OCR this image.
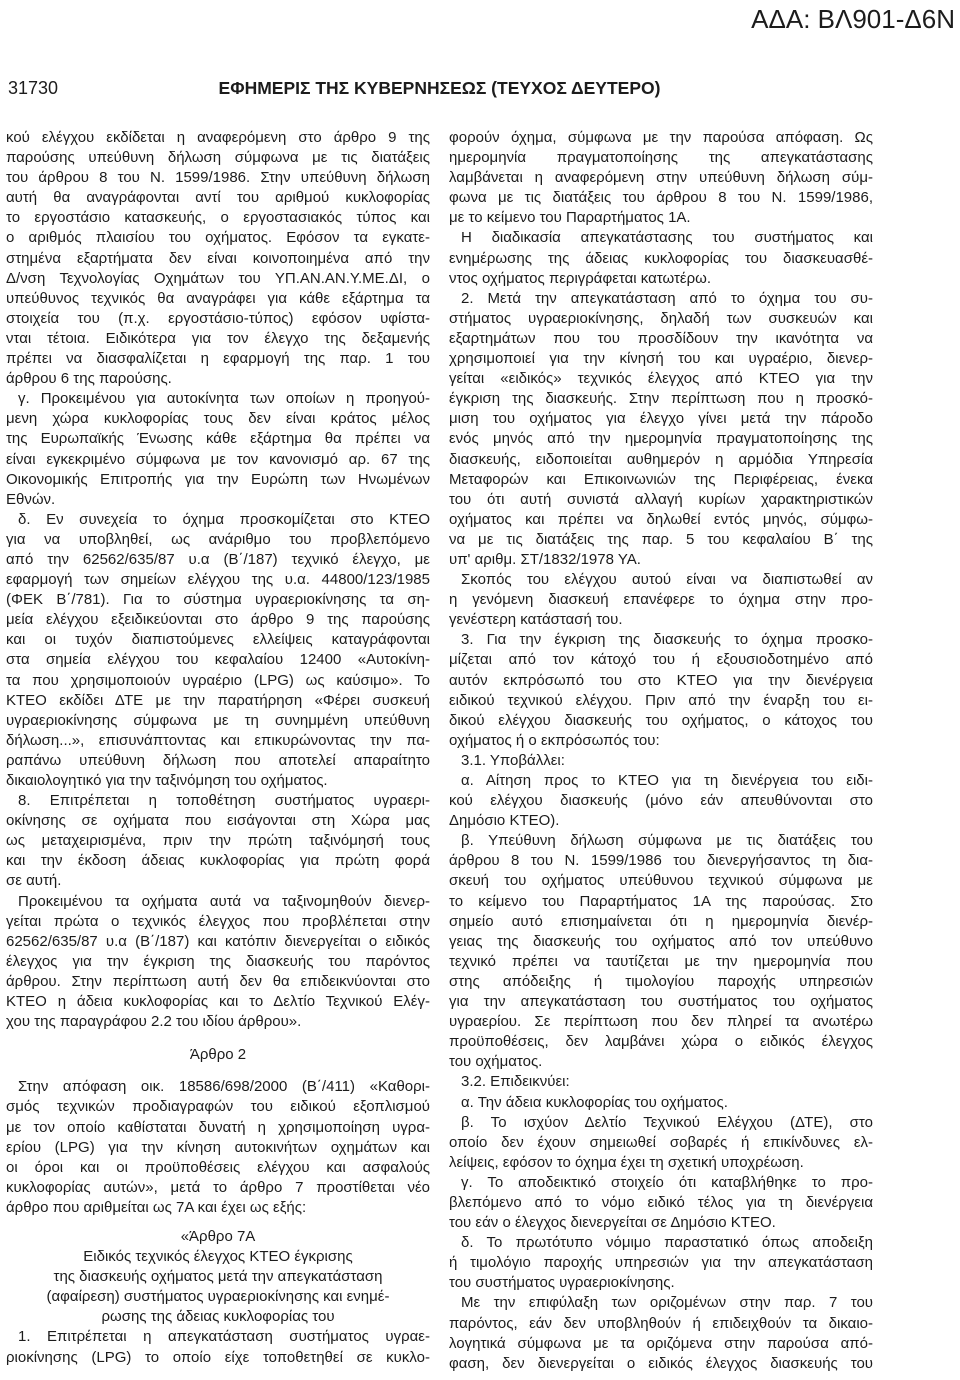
ΑΔΑ: ΒΛ901-Δ6Ν
31730	ΕΦΗΜΕΡΙΣ ΤΗΣ ΚΥΒΕΡΝΗΣΕΩΣ (ΤΕΥΧΟΣ ΔΕΥΤΕΡΟ)
κού ελέγχου εκδίδεται η αναφερόμενη στο άρθρο 9 της
παρούσης υπεύθυνη δήλωση σύμφωνα με τις διατάξεις
του άρθρου 8 του Ν. 1599/1986. Στην υπεύθυνη δήλωση
αυτή θα αναγράφονται αντί του αριθμού κυκλοφορίας
το εργοστάσιο κατασκευής, ο εργοστασιακός τύπος και
ο αριθμός πλαισίου του οχήματος. Εφόσον τα εγκατε-
στημένα εξαρτήματα δεν είναι κοινοποιημένα από την
Δ/νση Τεχνολογίας Οχημάτων του ΥΠ.ΑΝ.ΑΝ.Υ.ΜΕ.ΔΙ, ο
υπεύθυνος τεχνικός θα αναγράφει για κάθε εξάρτημα τα
στοιχεία του (π.χ. εργοστάσιο-τύπος) εφόσον υφίστα-
νται τέτοια. Ειδικότερα για τον έλεγχο της δεξαμενής
πρέπει να διασφαλίζεται η εφαρμογή της παρ. 1 του
άρθρου 6 της παρούσης.
γ. Προκειμένου για αυτοκίνητα των οποίων η προηγού-
μενη χώρα κυκλοφορίας τους δεν είναι κράτος μέλος
της Ευρωπαϊκής Ένωσης κάθε εξάρτημα θα πρέπει να
είναι εγκεκριμένο σύμφωνα με τον κανονισμό αρ. 67 της
Οικονομικής Επιτροπής για την Ευρώπη των Ηνωμένων
Εθνών.
δ. Εν συνεχεία το όχημα προσκομίζεται στο ΚΤΕΟ
για να υποβληθεί, ως ανάριθμο του προβλεπόμενο
από την 62562/635/87 υ.α (Β΄/187) τεχνικό έλεγχο, με
εφαρμογή των σημείων ελέγχου της υ.α. 44800/123/1985
(ΦΕΚ Β΄/781). Για το σύστημα υγραεριοκίνησης τα ση-
μεία ελέγχου εξειδικεύονται στο άρθρο 9 της παρούσης
και οι τυχόν διαπιστούμενες ελλείψεις καταγράφονται
στα σημεία ελέγχου του κεφαλαίου 12400 «Αυτοκίνη-
τα που χρησιμοποιούν υγραέριο (LPG) ως καύσιμο». Το
ΚΤΕΟ εκδίδει ΔΤΕ με την παρατήρηση «Φέρει συσκευή
υγραεριοκίνησης σύμφωνα με τη συνημμένη υπεύθυνη
δήλωση...», επισυνάπτοντας και επικυρώνοντας την πα-
ραπάνω υπεύθυνη δήλωση που αποτελεί απαραίτητο
δικαιολογητικό για την ταξινόμηση του οχήματος.
8. Επιτρέπεται η τοποθέτηση συστήματος υγραερι-
οκίνησης σε οχήματα που εισάγονται στη Χώρα μας
ως μεταχειρισμένα, πριν την πρώτη ταξινόμησή τους
και την έκδοση άδειας κυκλοφορίας για πρώτη φορά
σε αυτή.
Προκειμένου τα οχήματα αυτά να ταξινομηθούν διενερ-
γείται πρώτα ο τεχνικός έλεγχος που προβλέπεται στην
62562/635/87 υ.α (Β΄/187) και κατόπιν διενεργείται ο ειδικός
έλεγχος για την έγκριση της διασκευής του παρόντος
άρθρου. Στην περίπτωση αυτή δεν θα επιδεικνύονται στο
ΚΤΕΟ η άδεια κυκλοφορίας και το Δελτίο Τεχνικού Ελέγ-
χου της παραγράφου 2.2 του ιδίου άρθρου».
Άρθρο 2
Στην απόφαση οικ. 18586/698/2000 (Β΄/411) «Καθορι-
σμός τεχνικών προδιαγραφών του ειδικού εξοπλισμού
με τον οποίο καθίσταται δυνατή η χρησιμοποίηση υγρα-
ερίου (LPG) για την κίνηση αυτοκινήτων οχημάτων και
οι όροι και οι προϋποθέσεις ελέγχου και ασφαλούς
κυκλοφορίας αυτών», μετά το άρθρο 7 προστίθεται νέο
άρθρο που αριθμείται ως 7Α και έχει ως εξής:
«Άρθρο 7Α
Ειδικός τεχνικός έλεγχος ΚΤΕΟ έγκρισης
της διασκευής οχήματος μετά την απεγκατάσταση
(αφαίρεση) συστήματος υγραεριοκίνησης και ενημέ-
ρωσης της άδειας κυκλοφορίας του
1. Επιτρέπεται η απεγκατάσταση συστήματος υγραε-
ριοκίνησης (LPG) το οποίο είχε τοποθετηθεί σε κυκλο-
φορούν όχημα, σύμφωνα με την παρούσα απόφαση. Ως
ημερομηνία πραγματοποίησης της απεγκατάστασης
λαμβάνεται η αναφερόμενη στην υπεύθυνη δήλωση σύμ-
φωνα με τις διατάξεις του άρθρου 8 του Ν. 1599/1986,
με το κείμενο του Παραρτήματος 1Α.
Η διαδικασία απεγκατάστασης του συστήματος και
ενημέρωσης της άδειας κυκλοφορίας του διασκευασθέ-
ντος οχήματος περιγράφεται κατωτέρω.
2. Μετά την απεγκατάσταση από το όχημα του συ-
στήματος υγραεριοκίνησης, δηλαδή των συσκευών και
εξαρτημάτων που του προσδίδουν την ικανότητα να
χρησιμοποιεί για την κίνησή του και υγραέριο, διενερ-
γείται «ειδικός» τεχνικός έλεγχος από ΚΤΕΟ για την
έγκριση της διασκευής. Στην περίπτωση που η προσκό-
μιση του οχήματος για έλεγχο γίνει μετά την πάροδο
ενός μηνός από την ημερομηνία πραγματοποίησης της
διασκευής, ειδοποιείται αυθημερόν η αρμόδια Υπηρεσία
Μεταφορών και Επικοινωνιών της Περιφέρειας, ένεκα
του ότι αυτή συνιστά αλλαγή κυρίων χαρακτηριστικών
οχήματος και πρέπει να δηλωθεί εντός μηνός, σύμφω-
να με τις διατάξεις της παρ. 5 του κεφαλαίου Β΄ της
υπ' αριθμ. ΣΤ/1832/1978 ΥΑ.
Σκοπός του ελέγχου αυτού είναι να διαπιστωθεί αν
η γενόμενη διασκευή επανέφερε το όχημα στην προ-
γενέστερη κατάστασή του.
3. Για την έγκριση της διασκευής το όχημα προσκο-
μίζεται από τον κάτοχό του ή εξουσιοδοτημένο από
αυτόν εκπρόσωπό του στο ΚΤΕΟ για την διενέργεια
ειδικού τεχνικού ελέγχου. Πριν από την έναρξη του ει-
δικού ελέγχου διασκευής του οχήματος, ο κάτοχος του
οχήματος ή ο εκπρόσωπός του:
3.1. Υποβάλλει:
α. Αίτηση προς το ΚΤΕΟ για τη διενέργεια του ειδι-
κού ελέγχου διασκευής (μόνο εάν απευθύνονται στο
Δημόσιο ΚΤΕΟ).
β. Υπεύθυνη δήλωση σύμφωνα με τις διατάξεις του
άρθρου 8 του Ν. 1599/1986 του διενεργήσαντος τη δια-
σκευή του οχήματος υπεύθυνου τεχνικού σύμφωνα με
το κείμενο του Παραρτήματος 1Α της παρούσας. Στο
σημείο αυτό επισημαίνεται ότι η ημερομηνία διενέρ-
γειας της διασκευής του οχήματος από τον υπεύθυνο
τεχνικό πρέπει να ταυτίζεται με την ημερομηνία που
στης απόδειξης ή τιμολογίου παροχής υπηρεσιών
για την απεγκατάσταση του συστήματος του οχήματος
υγραερίου. Σε περίπτωση που δεν πληρεί τα ανωτέρω
προϋποθέσεις, δεν λαμβάνει χώρα ο ειδικός έλεγχος
του οχήματος.
3.2. Επιδεικνύει:
α. Την άδεια κυκλοφορίας του οχήματος.
β. Το ισχύον Δελτίο Τεχνικού Ελέγχου (ΔΤΕ), στο
οποίο δεν έχουν σημειωθεί σοβαρές ή επικίνδυνες ελ-
λείψεις, εφόσον το όχημα έχει τη σχετική υποχρέωση.
γ. Το αποδεικτικό στοιχείο ότι καταβλήθηκε το προ-
βλεπόμενο από το νόμο ειδικό τέλος για τη διενέργεια
του εάν ο έλεγχος διενεργείται σε Δημόσιο ΚΤΕΟ.
δ. Το πρωτότυπο νόμιμο παραστατικό όπως αποδειξη
ή τιμολόγιο παροχής υπηρεσιών για την απεγκατάσταση
του συστήματος υγραεριοκίνησης.
Με την επιφύλαξη των οριζομένων στην παρ. 7 του
παρόντος, εάν δεν υποβληθούν ή επιδειχθούν τα δικαιο-
λογητικά σύμφωνα με τα οριζόμενα στην παρούσα από-
φαση, δεν διενεργείται ο ειδικός έλεγχος διασκευής του
